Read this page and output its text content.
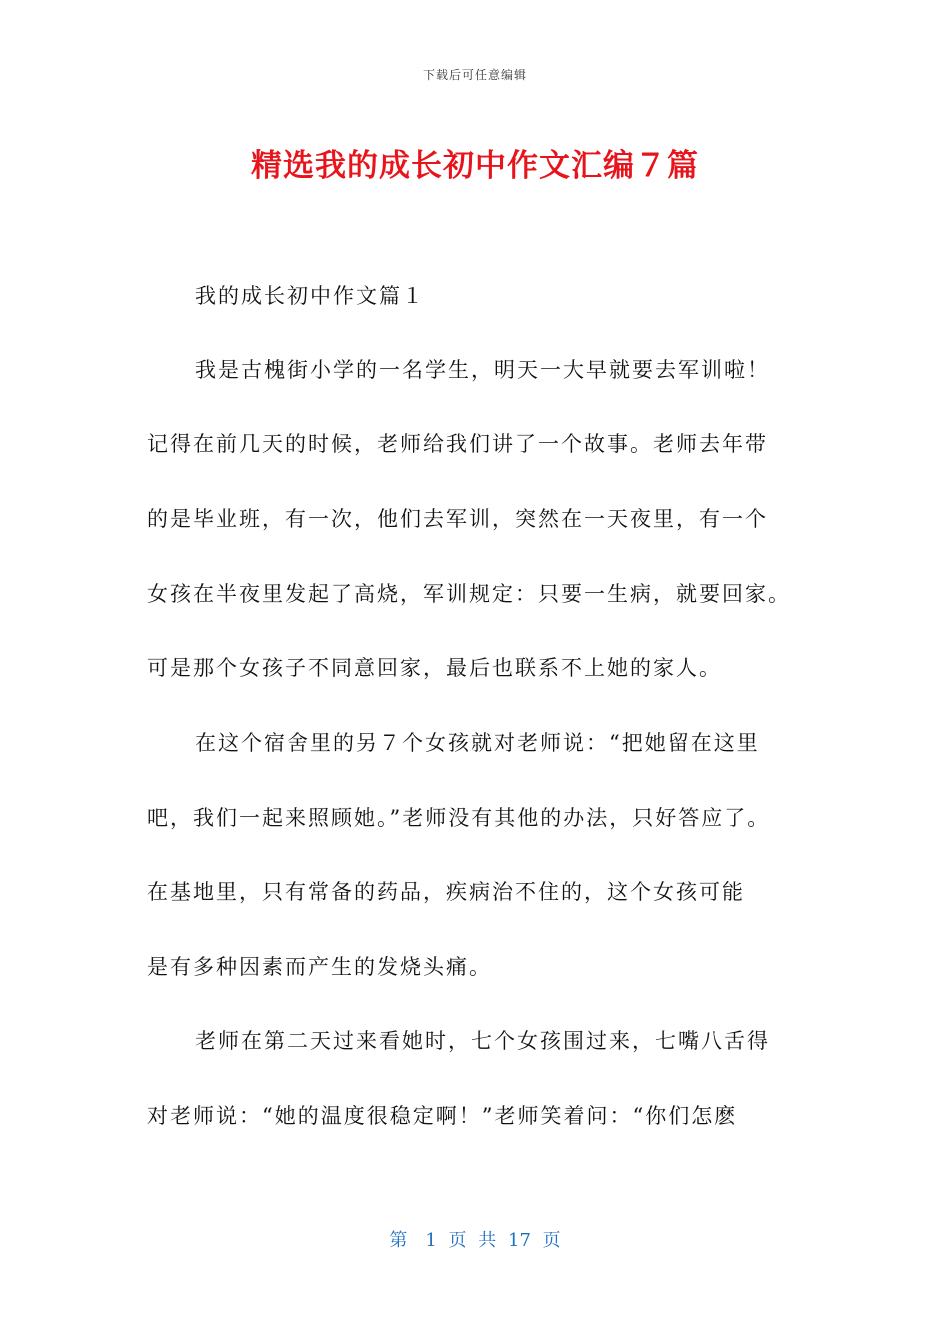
下载后可任意编辑
精选我的成长初中作文汇编７篇
我的成长初中作文篇１
我是古槐街小学的一名学生，明天一大早就要去军训啦！
记得在前几天的时候，老师给我们讲了一个故事。老师去年带
的是毕业班，有一次，他们去军训，突然在一天夜里，有一个
女孩在半夜里发起了高烧，军训规定：只要一生病，就要回家。
可是那个女孩子不同意回家，最后也联系不上她的家人。
在这个宿舍里的另７个女孩就对老师说：“把她留在这里
吧，我们一起来照顾她。”老师没有其他的办法，只好答应了。
在基地里，只有常备的药品，疾病治不住的，这个女孩可能
是有多种因素而产生的发烧头痛。
老师在第二天过来看她时，七个女孩围过来，七嘴八舌得
对老师说：“她的温度很稳定啊！”老师笑着问：“你们怎麽
第　1 页 共 17 页
